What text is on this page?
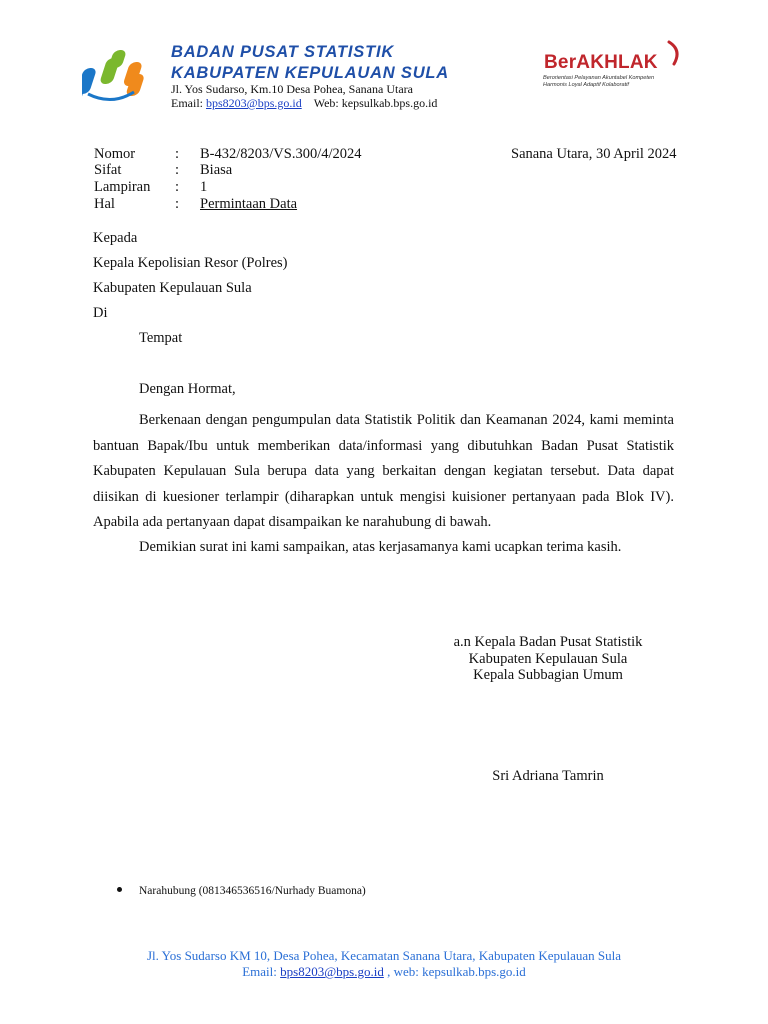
BADAN PUSAT STATISTIK
KABUPATEN KEPULAUAN SULA
Jl. Yos Sudarso, Km.10 Desa Pohea, Sanana Utara
Email: bps8203@bps.go.id Web: kepsulkab.bps.go.id
BerAKHLAK
Berorientasi Pelayanan Akuntabel Kompeten
Harmonis Loyal Adaptif Kolaboratif
Nomor	: B-432/8203/VS.300/4/2024	Sanana Utara, 30 April 2024
Sifat	: Biasa
Lampiran : 1
Hal	: Permintaan Data
Kepada
Kepala Kepolisian Resor (Polres)
Kabupaten Kepulauan Sula
Di
Tempat
Dengan Hormat,
Berkenaan dengan pengumpulan data Statistik Politik dan Keamanan 2024, kami meminta bantuan Bapak/Ibu untuk memberikan data/informasi yang dibutuhkan Badan Pusat Statistik Kabupaten Kepulauan Sula berupa data yang berkaitan dengan kegiatan tersebut. Data dapat diisikan di kuesioner terlampir (diharapkan untuk mengisi kuisioner pertanyaan pada Blok IV). Apabila ada pertanyaan dapat disampaikan ke narahubung di bawah.
Demikian surat ini kami sampaikan, atas kerjasamanya kami ucapkan terima kasih.
a.n Kepala Badan Pusat Statistik
Kabupaten Kepulauan Sula
Kepala Subbagian Umum
Sri Adriana Tamrin
Narahubung (081346536516/Nurhady Buamona)
Jl. Yos Sudarso KM 10, Desa Pohea, Kecamatan Sanana Utara, Kabupaten Kepulauan Sula
Email: bps8203@bps.go.id , web: kepsulkab.bps.go.id
